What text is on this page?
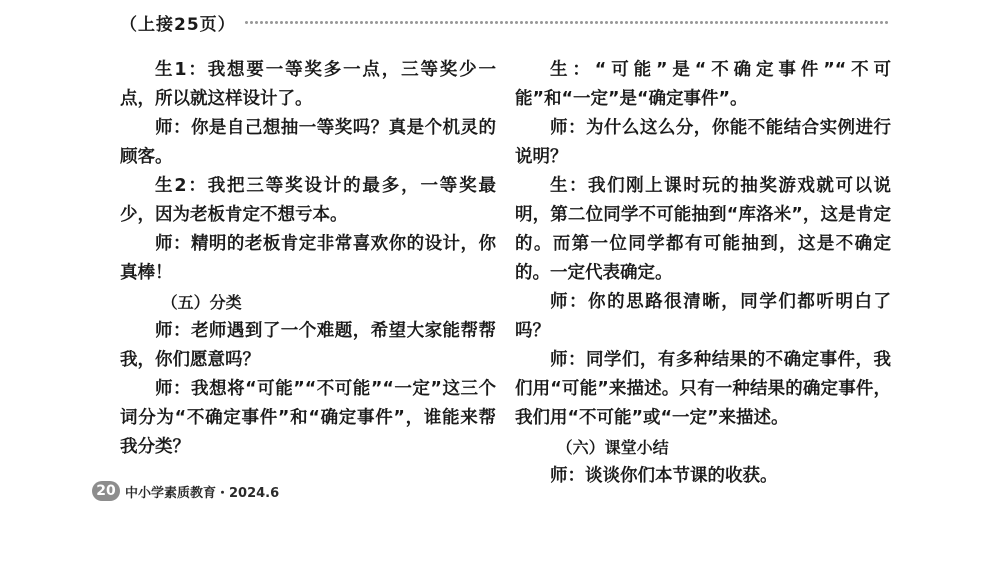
（上接25页）

生1：我想要一等奖多一点，三等奖少一点，所以就这样设计了。

师：你是自己想抽一等奖吗？真是个机灵的顾客。

生2：我把三等奖设计的最多，一等奖最少，因为老板肯定不想亏本。

师：精明的老板肯定非常喜欢你的设计，你真棒！

（五）分类

师：老师遇到了一个难题，希望大家能帮帮我，你们愿意吗？

师：我想将“可能”“不可能”“一定”这三个词分为“不确定事件”和“确定事件”，谁能来帮我分类？

生：“可能”是“不确定事件”“不可能”和“一定”是“确定事件”。

师：为什么这么分，你能不能结合实例进行说明？

生：我们刚上课时玩的抽奖游戏就可以说明，第二位同学不可能抽到“库洛米”，这是肯定的。而第一位同学都有可能抽到，这是不确定的。一定代表确定。

师：你的思路很清晰，同学们都听明白了吗？

师：同学们，有多种结果的不确定事件，我们用“可能”来描述。只有一种结果的确定事件，我们用“不可能”或“一定”来描述。

（六）课堂小结

师：谈谈你们本节课的收获。

20 中小学素质教育・2024.6
